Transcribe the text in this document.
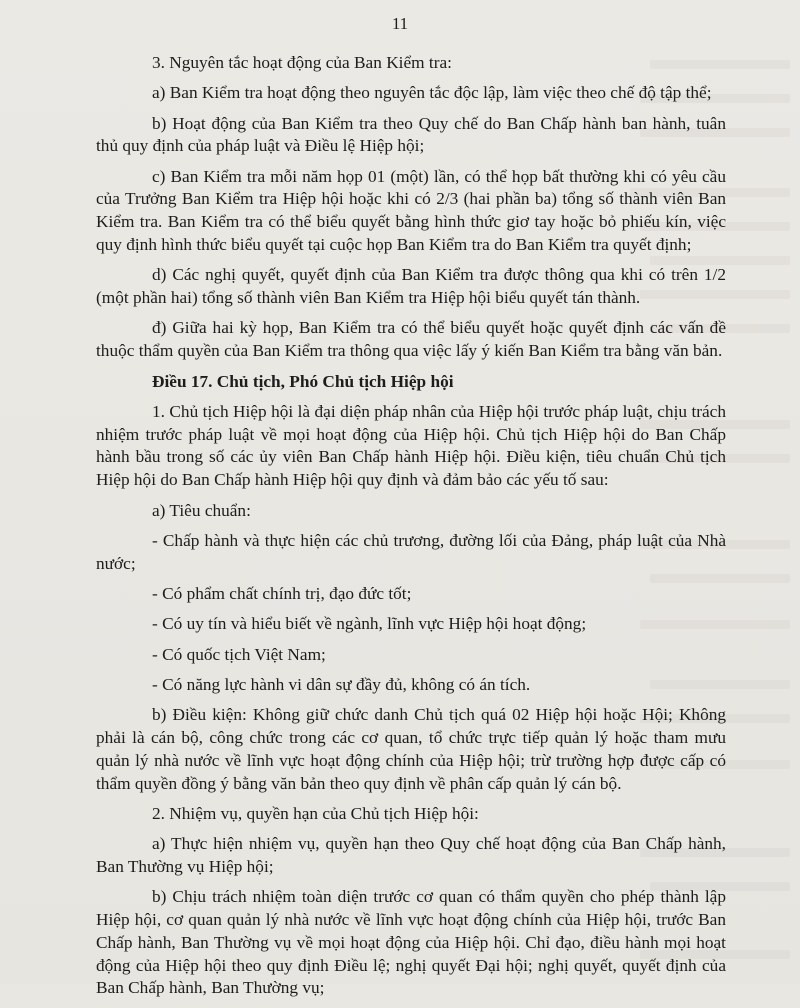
11

3. Nguyên tắc hoạt động của Ban Kiểm tra:

a) Ban Kiểm tra hoạt động theo nguyên tắc độc lập, làm việc theo chế độ tập thể;

b) Hoạt động của Ban Kiểm tra theo Quy chế do Ban Chấp hành ban hành, tuân thủ quy định của pháp luật và Điều lệ Hiệp hội;

c) Ban Kiểm tra mỗi năm họp 01 (một) lần, có thể họp bất thường khi có yêu cầu của Trưởng Ban Kiểm tra Hiệp hội hoặc khi có 2/3 (hai phần ba) tổng số thành viên Ban Kiểm tra. Ban Kiểm tra có thể biểu quyết bằng hình thức giơ tay hoặc bỏ phiếu kín, việc quy định hình thức biểu quyết tại cuộc họp Ban Kiểm tra do Ban Kiểm tra quyết định;

d) Các nghị quyết, quyết định của Ban Kiểm tra được thông qua khi có trên 1/2 (một phần hai) tổng số thành viên Ban Kiểm tra Hiệp hội biểu quyết tán thành.

đ) Giữa hai kỳ họp, Ban Kiểm tra có thể biểu quyết hoặc quyết định các vấn đề thuộc thẩm quyền của Ban Kiểm tra thông qua việc lấy ý kiến Ban Kiểm tra bằng văn bản.

Điều 17. Chủ tịch, Phó Chủ tịch Hiệp hội

1. Chủ tịch Hiệp hội là đại diện pháp nhân của Hiệp hội trước pháp luật, chịu trách nhiệm trước pháp luật về mọi hoạt động của Hiệp hội. Chủ tịch Hiệp hội do Ban Chấp hành bầu trong số các ủy viên Ban Chấp hành Hiệp hội. Điều kiện, tiêu chuẩn Chủ tịch Hiệp hội do Ban Chấp hành Hiệp hội quy định và đảm bảo các yếu tố sau:

a) Tiêu chuẩn:

- Chấp hành và thực hiện các chủ trương, đường lối của Đảng, pháp luật của Nhà nước;

- Có phẩm chất chính trị, đạo đức tốt;

- Có uy tín và hiểu biết về ngành, lĩnh vực Hiệp hội hoạt động;

- Có quốc tịch Việt Nam;

- Có năng lực hành vi dân sự đầy đủ, không có án tích.

b) Điều kiện: Không giữ chức danh Chủ tịch quá 02 Hiệp hội hoặc Hội; Không phải là cán bộ, công chức trong các cơ quan, tổ chức trực tiếp quản lý hoặc tham mưu quản lý nhà nước về lĩnh vực hoạt động chính của Hiệp hội; trừ trường hợp được cấp có thẩm quyền đồng ý bằng văn bản theo quy định về phân cấp quản lý cán bộ.

2. Nhiệm vụ, quyền hạn của Chủ tịch Hiệp hội:

a) Thực hiện nhiệm vụ, quyền hạn theo Quy chế hoạt động của Ban Chấp hành, Ban Thường vụ Hiệp hội;

b) Chịu trách nhiệm toàn diện trước cơ quan có thẩm quyền cho phép thành lập Hiệp hội, cơ quan quản lý nhà nước về lĩnh vực hoạt động chính của Hiệp hội, trước Ban Chấp hành, Ban Thường vụ về mọi hoạt động của Hiệp hội. Chỉ đạo, điều hành mọi hoạt động của Hiệp hội theo quy định Điều lệ; nghị quyết Đại hội; nghị quyết, quyết định của Ban Chấp hành, Ban Thường vụ;
